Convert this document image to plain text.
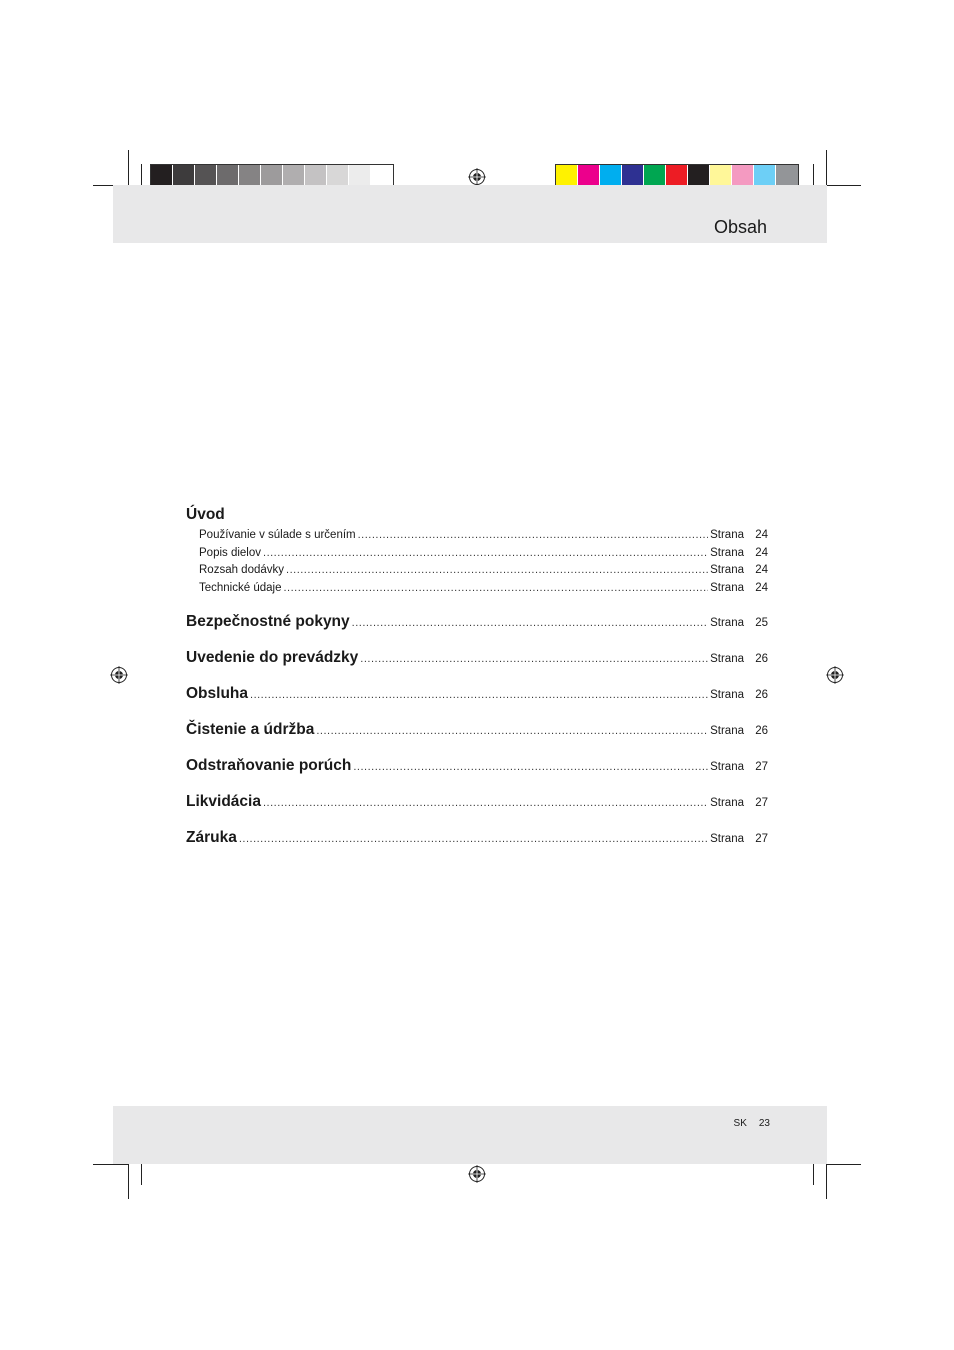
Obsah
Úvod
Používanie v súlade s určením .....	Strana 24
Popis dielov .....	Strana 24
Rozsah dodávky .....	Strana 24
Technické údaje .....	Strana 24
Bezpečnostné pokyny .....	Strana 25
Uvedenie do prevádzky .....	Strana 26
Obsluha .....	Strana 26
Čistenie a údržba .....	Strana 26
Odstraňovanie porúch .....	Strana 27
Likvidácia .....	Strana 27
Záruka .....	Strana 27
SK 23
